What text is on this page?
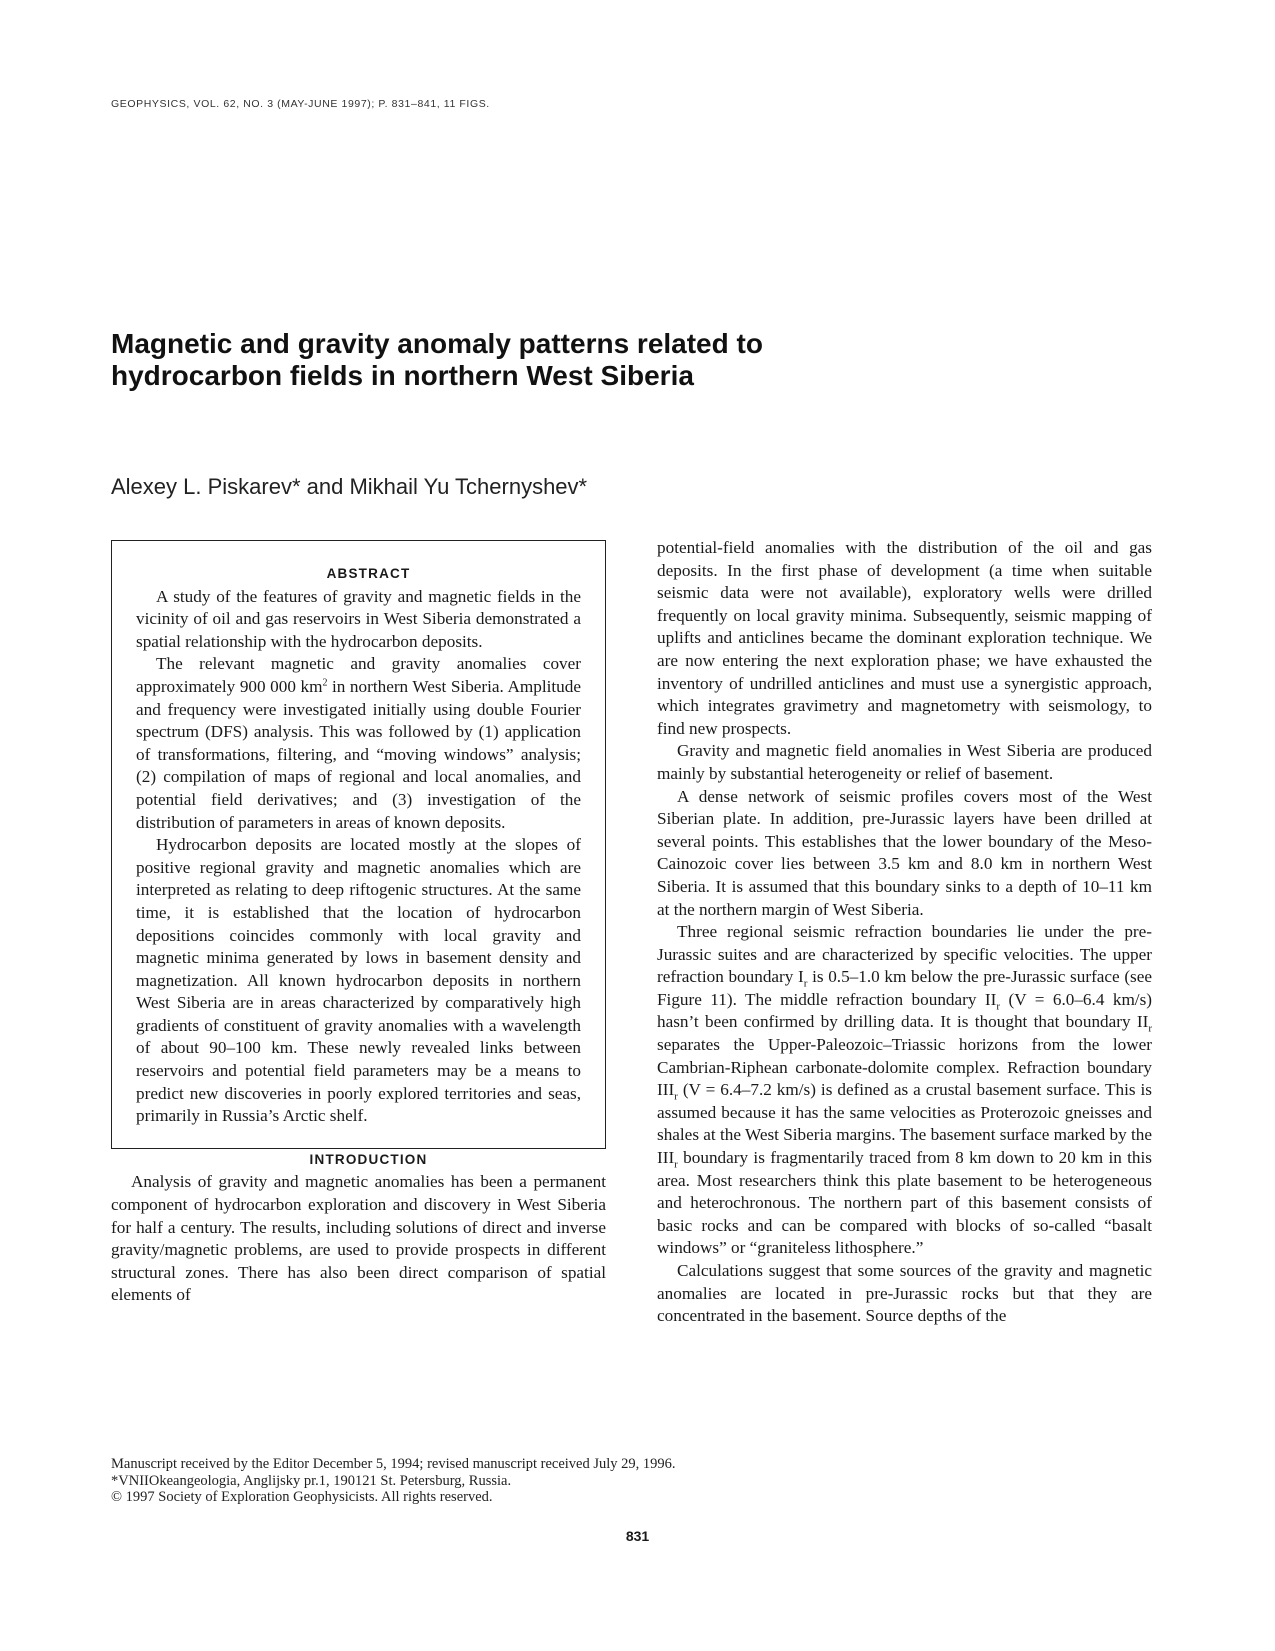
GEOPHYSICS, VOL. 62, NO. 3 (MAY-JUNE 1997); P. 831–841, 11 FIGS.
Magnetic and gravity anomaly patterns related to hydrocarbon fields in northern West Siberia
Alexey L. Piskarev* and Mikhail Yu Tchernyshev*

ABSTRACT

A study of the features of gravity and magnetic fields in the vicinity of oil and gas reservoirs in West Siberia demonstrated a spatial relationship with the hydrocarbon deposits.

The relevant magnetic and gravity anomalies cover approximately 900 000 $km^2$ in northern West Siberia. Amplitude and frequency were investigated initially using double Fourier spectrum (DFS) analysis. This was followed by (1) application of transformations, filtering, and “moving windows” analysis; (2) compilation of maps of regional and local anomalies, and potential field derivatives; and (3) investigation of the distribution of parameters in areas of known deposits.

Hydrocarbon deposits are located mostly at the slopes of positive regional gravity and magnetic anomalies which are interpreted as relating to deep riftogenic structures. At the same time, it is established that the location of hydrocarbon depositions coincides commonly with local gravity and magnetic minima generated by lows in basement density and magnetization. All known hydrocarbon deposits in northern West Siberia are in areas characterized by comparatively high gradients of constituent of gravity anomalies with a wavelength of about 90–100 km. These newly revealed links between reservoirs and potential field parameters may be a means to predict new discoveries in poorly explored territories and seas, primarily in Russia’s Arctic shelf.

INTRODUCTION

Analysis of gravity and magnetic anomalies has been a permanent component of hydrocarbon exploration and discovery in West Siberia for half a century. The results, including solutions of direct and inverse gravity/magnetic problems, are used to provide prospects in different structural zones. There has also been direct comparison of spatial elements of

potential-field anomalies with the distribution of the oil and gas deposits. In the first phase of development (a time when suitable seismic data were not available), exploratory wells were drilled frequently on local gravity minima. Subsequently, seismic mapping of uplifts and anticlines became the dominant exploration technique. We are now entering the next exploration phase; we have exhausted the inventory of undrilled anticlines and must use a synergistic approach, which integrates gravimetry and magnetometry with seismology, to find new prospects.

Gravity and magnetic field anomalies in West Siberia are produced mainly by substantial heterogeneity or relief of basement.

A dense network of seismic profiles covers most of the West Siberian plate. In addition, pre-Jurassic layers have been drilled at several points. This establishes that the lower boundary of the Meso-Cainozoic cover lies between 3.5 km and 8.0 km in northern West Siberia. It is assumed that this boundary sinks to a depth of 10–11 km at the northern margin of West Siberia.

Three regional seismic refraction boundaries lie under the pre-Jurassic suites and are characterized by specific velocities. The upper refraction boundary $I_r$ is 0.5–1.0 km below the pre-Jurassic surface (see Figure 11). The middle refraction boundary $II_r$ (V = 6.0–6.4 km/s) hasn’t been confirmed by drilling data. It is thought that boundary $II_r$ separates the Upper-Paleozoic–Triassic horizons from the lower Cambrian-Riphean carbonate-dolomite complex. Refraction boundary $III_r$ (V = 6.4–7.2 km/s) is defined as a crustal basement surface. This is assumed because it has the same velocities as Proterozoic gneisses and shales at the West Siberia margins. The basement surface marked by the $III_r$ boundary is fragmentarily traced from 8 km down to 20 km in this area. Most researchers think this plate basement to be heterogeneous and heterochronous. The northern part of this basement consists of basic rocks and can be compared with blocks of so-called “basalt windows” or “graniteless lithosphere.”

Calculations suggest that some sources of the gravity and magnetic anomalies are located in pre-Jurassic rocks but that they are concentrated in the basement. Source depths of the

Manuscript received by the Editor December 5, 1994; revised manuscript received July 29, 1996.
*VNIIOkeangeologia, Anglijsky pr.1, 190121 St. Petersburg, Russia.
© 1997 Society of Exploration Geophysicists. All rights reserved.
831
